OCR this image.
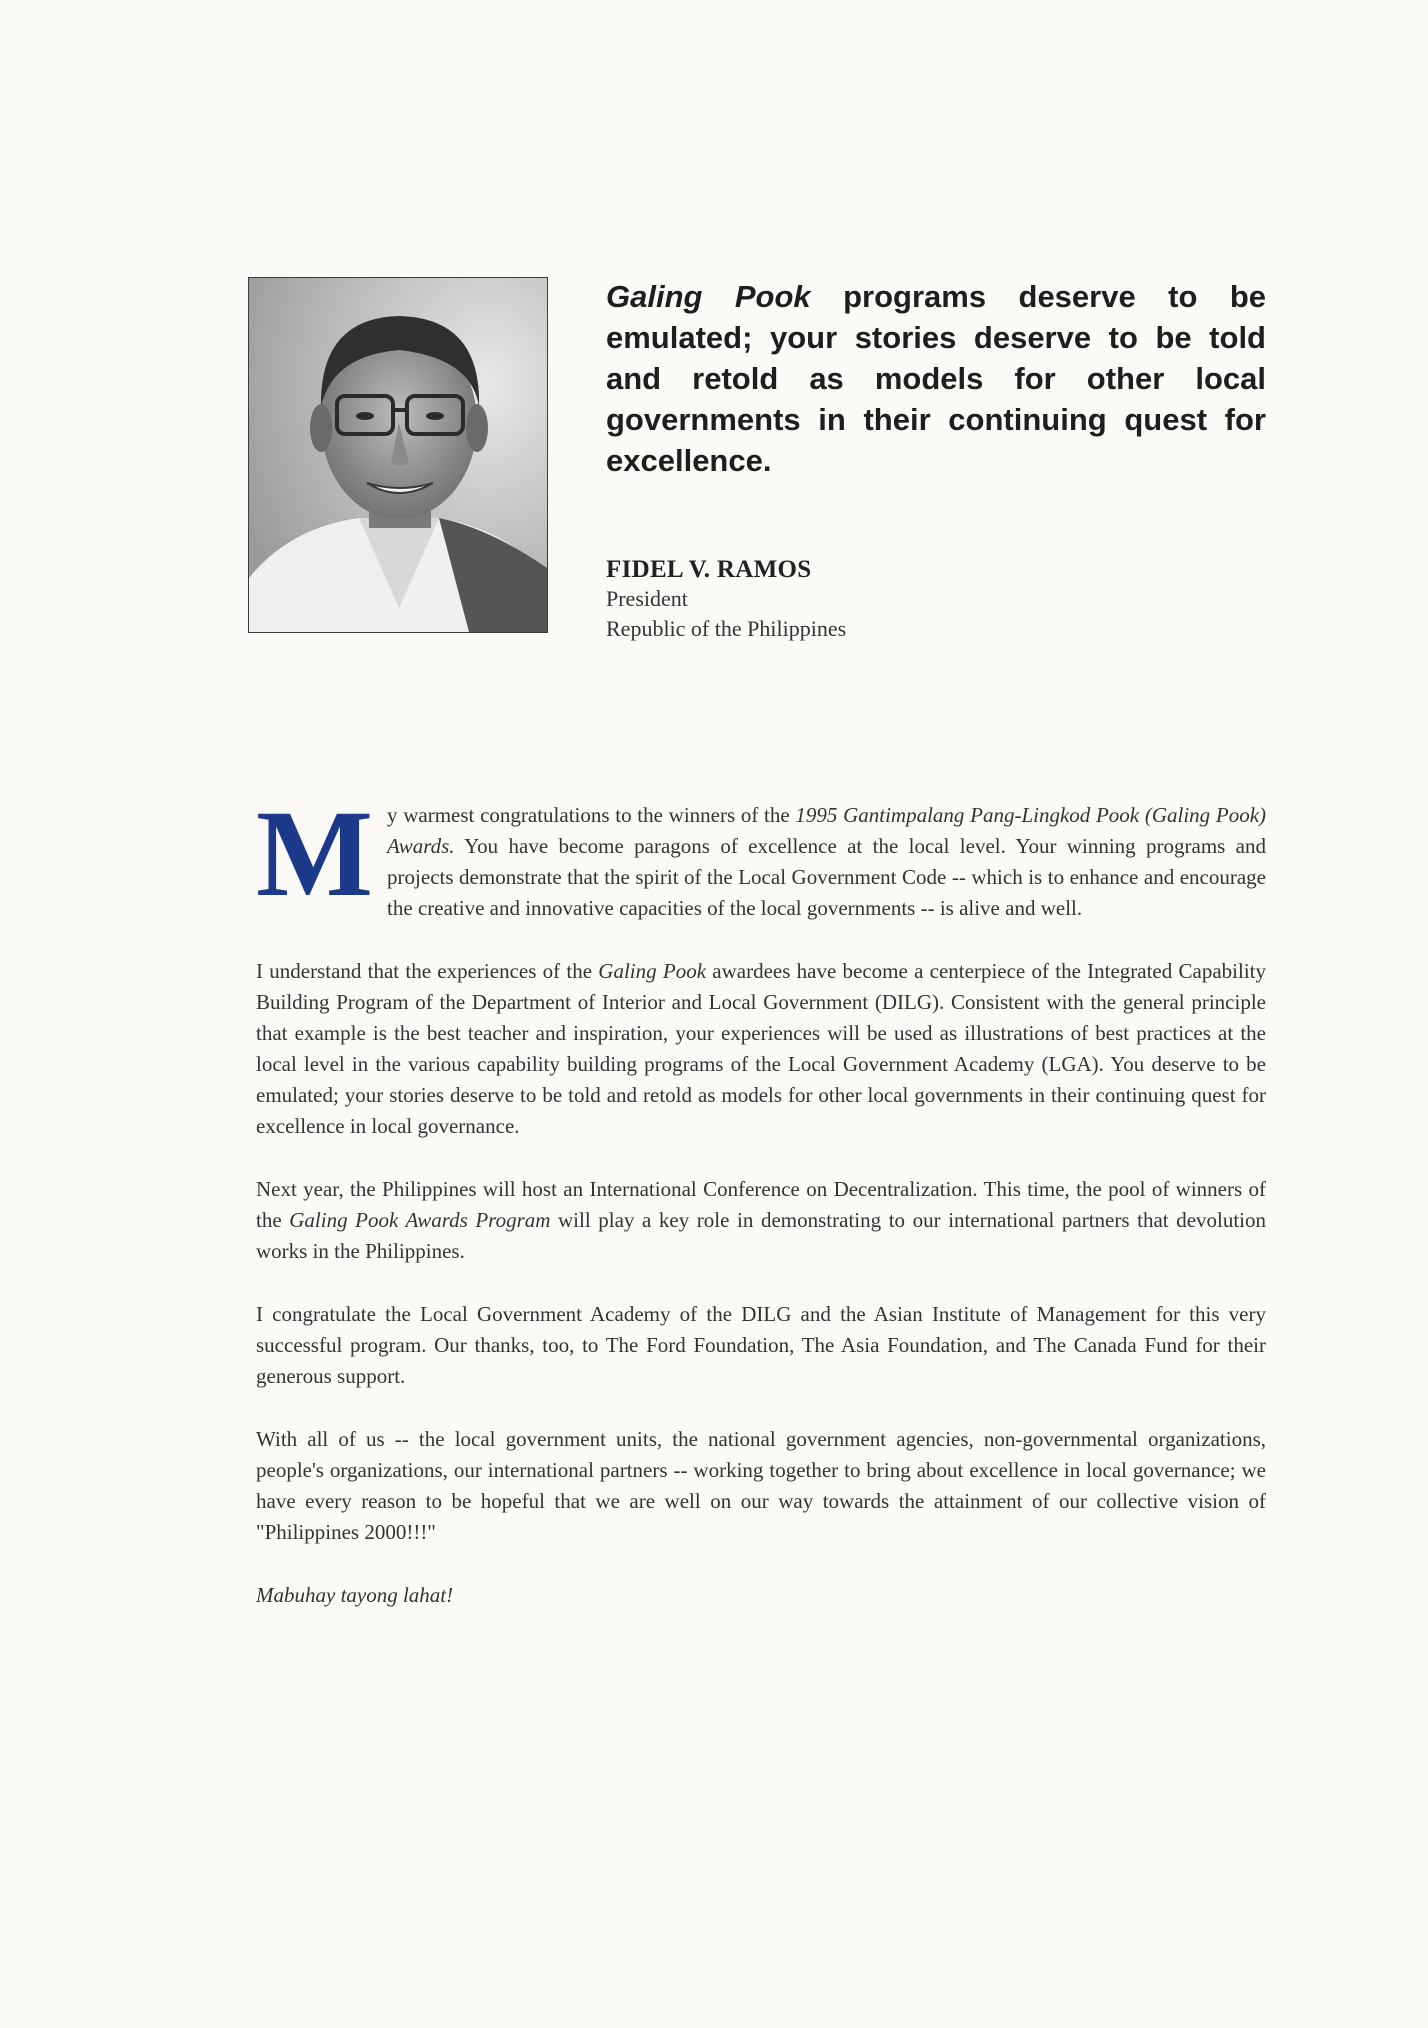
Galing Pook programs deserve to be emulated; your stories deserve to be told and retold as models for other local governments in their continuing quest for excellence.

FIDEL V. RAMOS
President
Republic of the Philippines

My warmest congratulations to the winners of the 1995 Gantimpalang Pang-Lingkod Pook (Galing Pook) Awards. You have become paragons of excellence at the local level. Your winning programs and projects demonstrate that the spirit of the Local Government Code -- which is to enhance and encourage the creative and innovative capacities of the local governments -- is alive and well.

I understand that the experiences of the Galing Pook awardees have become a centerpiece of the Integrated Capability Building Program of the Department of Interior and Local Government (DILG). Consistent with the general principle that example is the best teacher and inspiration, your experiences will be used as illustrations of best practices at the local level in the various capability building programs of the Local Government Academy (LGA). You deserve to be emulated; your stories deserve to be told and retold as models for other local governments in their continuing quest for excellence in local governance.

Next year, the Philippines will host an International Conference on Decentralization. This time, the pool of winners of the Galing Pook Awards Program will play a key role in demonstrating to our international partners that devolution works in the Philippines.

I congratulate the Local Government Academy of the DILG and the Asian Institute of Management for this very successful program. Our thanks, too, to The Ford Foundation, The Asia Foundation, and The Canada Fund for their generous support.

With all of us -- the local government units, the national government agencies, non-governmental organizations, people's organizations, our international partners -- working together to bring about excellence in local governance; we have every reason to be hopeful that we are well on our way towards the attainment of our collective vision of "Philippines 2000!!!"

Mabuhay tayong lahat!
